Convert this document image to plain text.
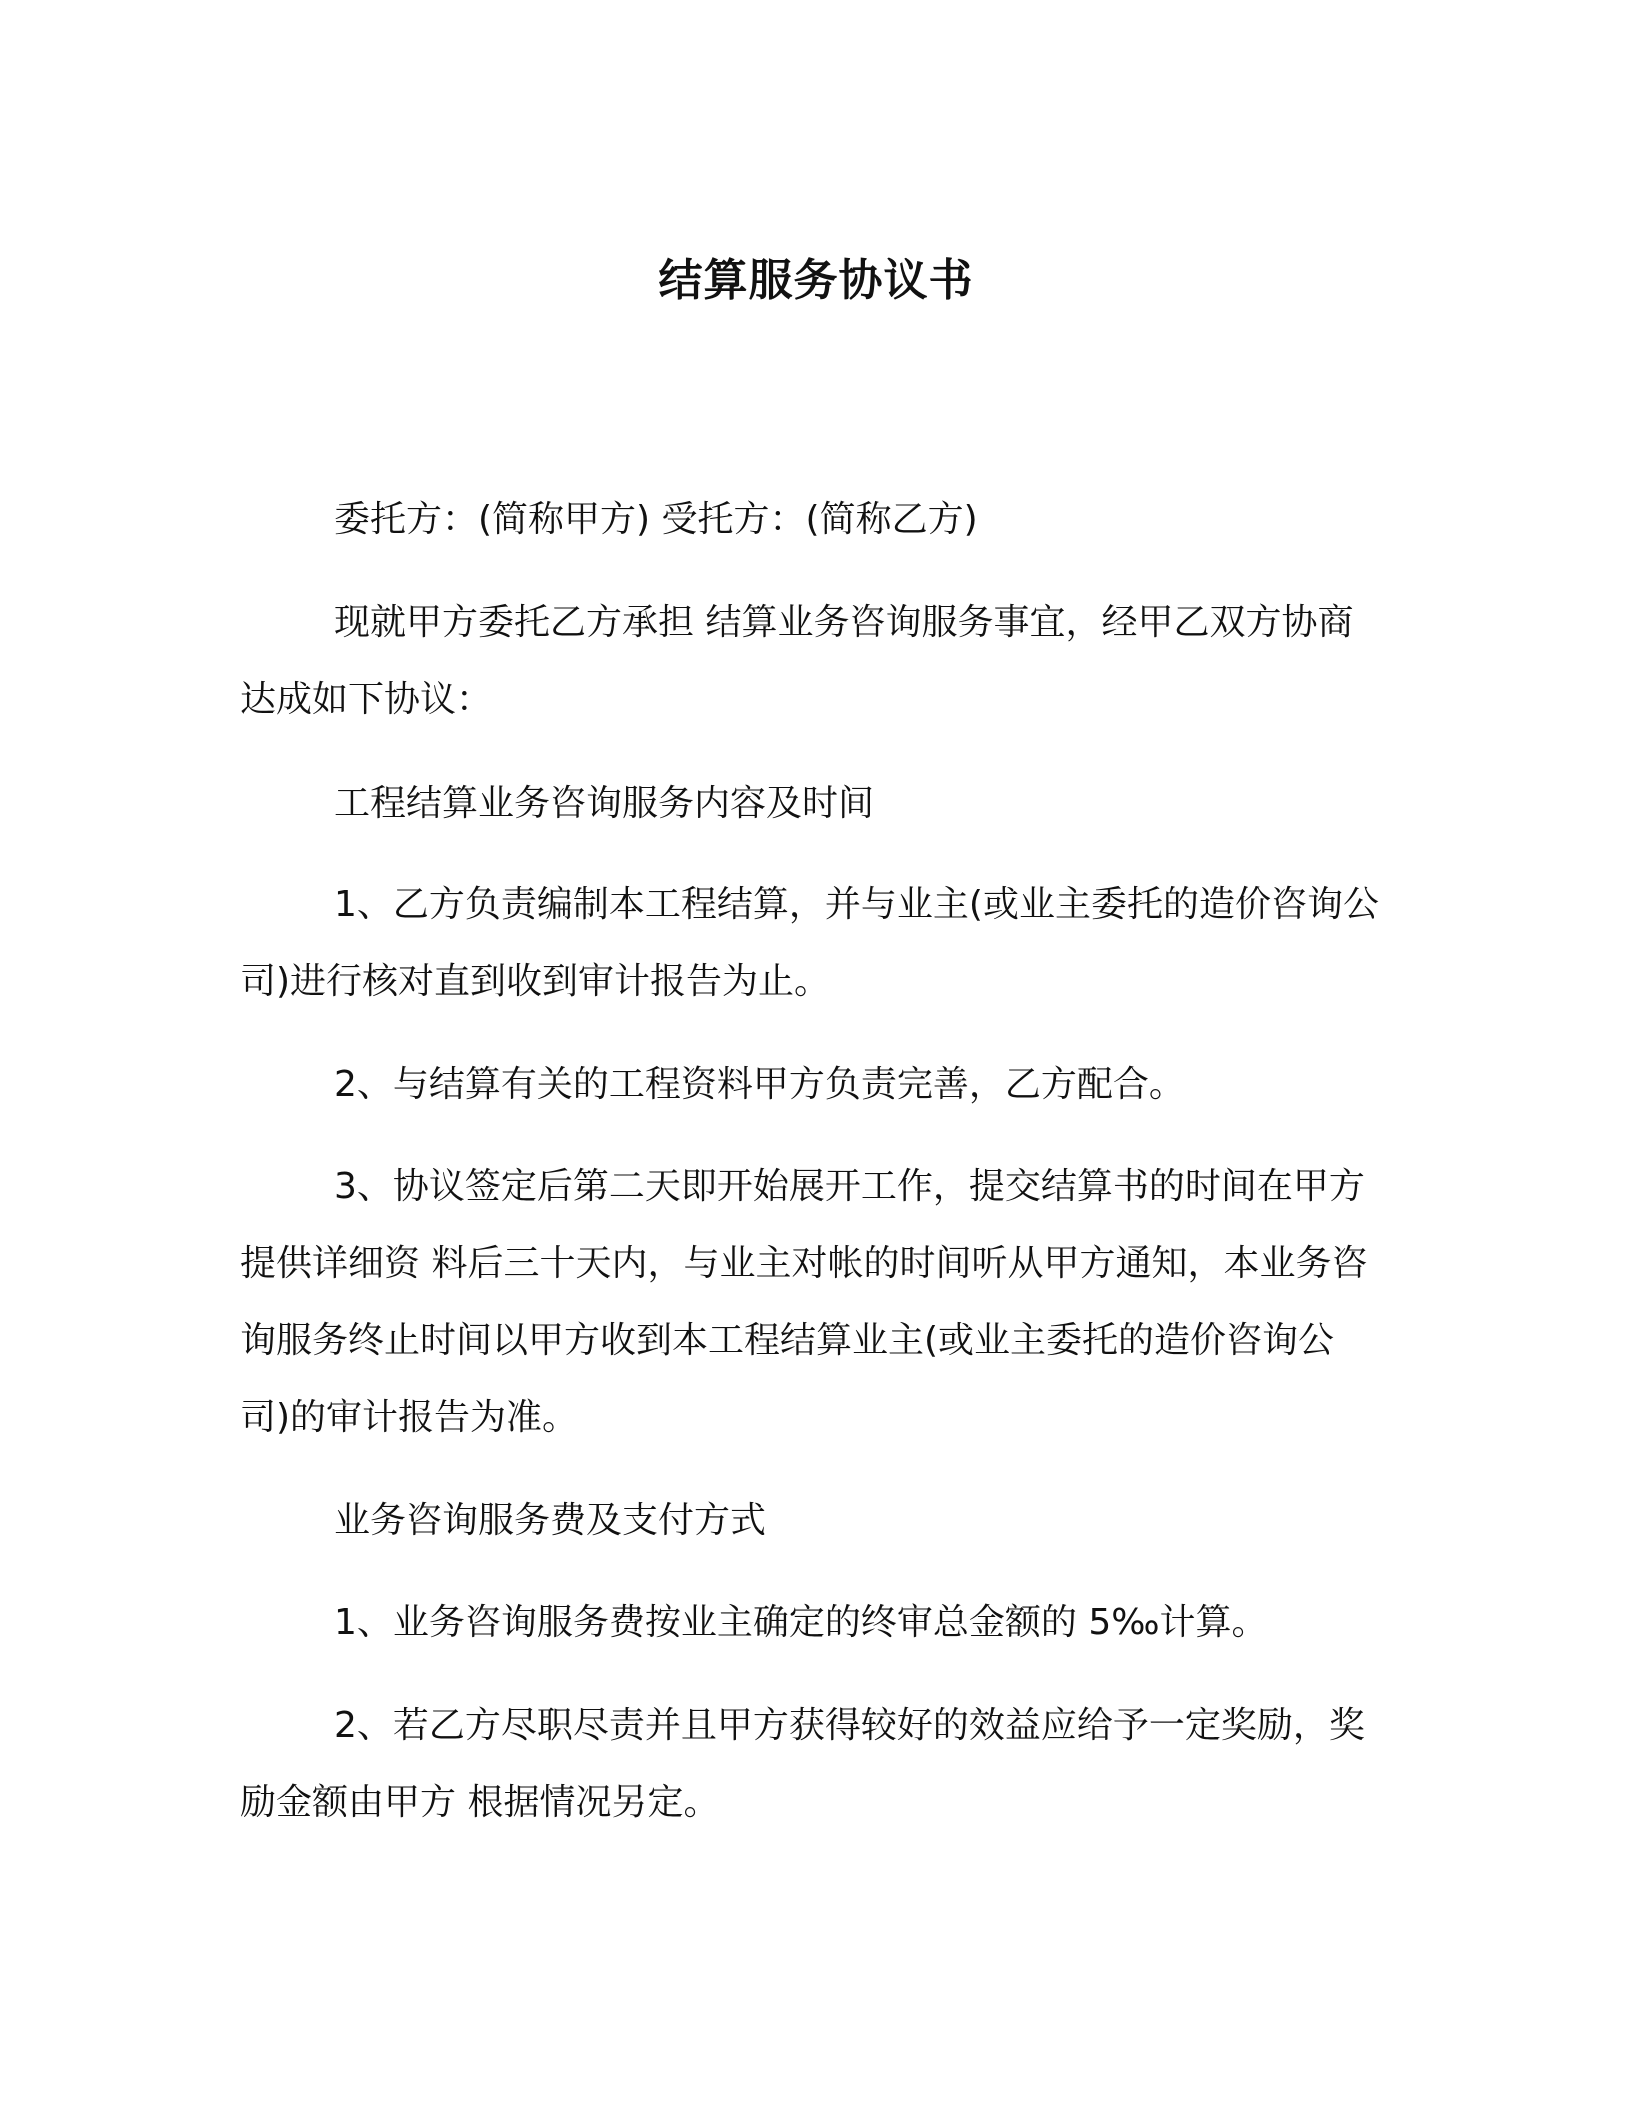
结算服务协议书

委托方：(简称甲方) 受托方：(简称乙方)

现就甲方委托乙方承担 结算业务咨询服务事宜，经甲乙双方协商达成如下协议：

工程结算业务咨询服务内容及时间

1、乙方负责编制本工程结算，并与业主(或业主委托的造价咨询公司)进行核对直到收到审计报告为止。

2、与结算有关的工程资料甲方负责完善，乙方配合。

3、协议签定后第二天即开始展开工作，提交结算书的时间在甲方提供详细资 料后三十天内，与业主对帐的时间听从甲方通知，本业务咨询服务终止时间以甲方收到本工程结算业主(或业主委托的造价咨询公司)的审计报告为准。

业务咨询服务费及支付方式

1、业务咨询服务费按业主确定的终审总金额的 5‰计算。

2、若乙方尽职尽责并且甲方获得较好的效益应给予一定奖励，奖励金额由甲方 根据情况另定。
